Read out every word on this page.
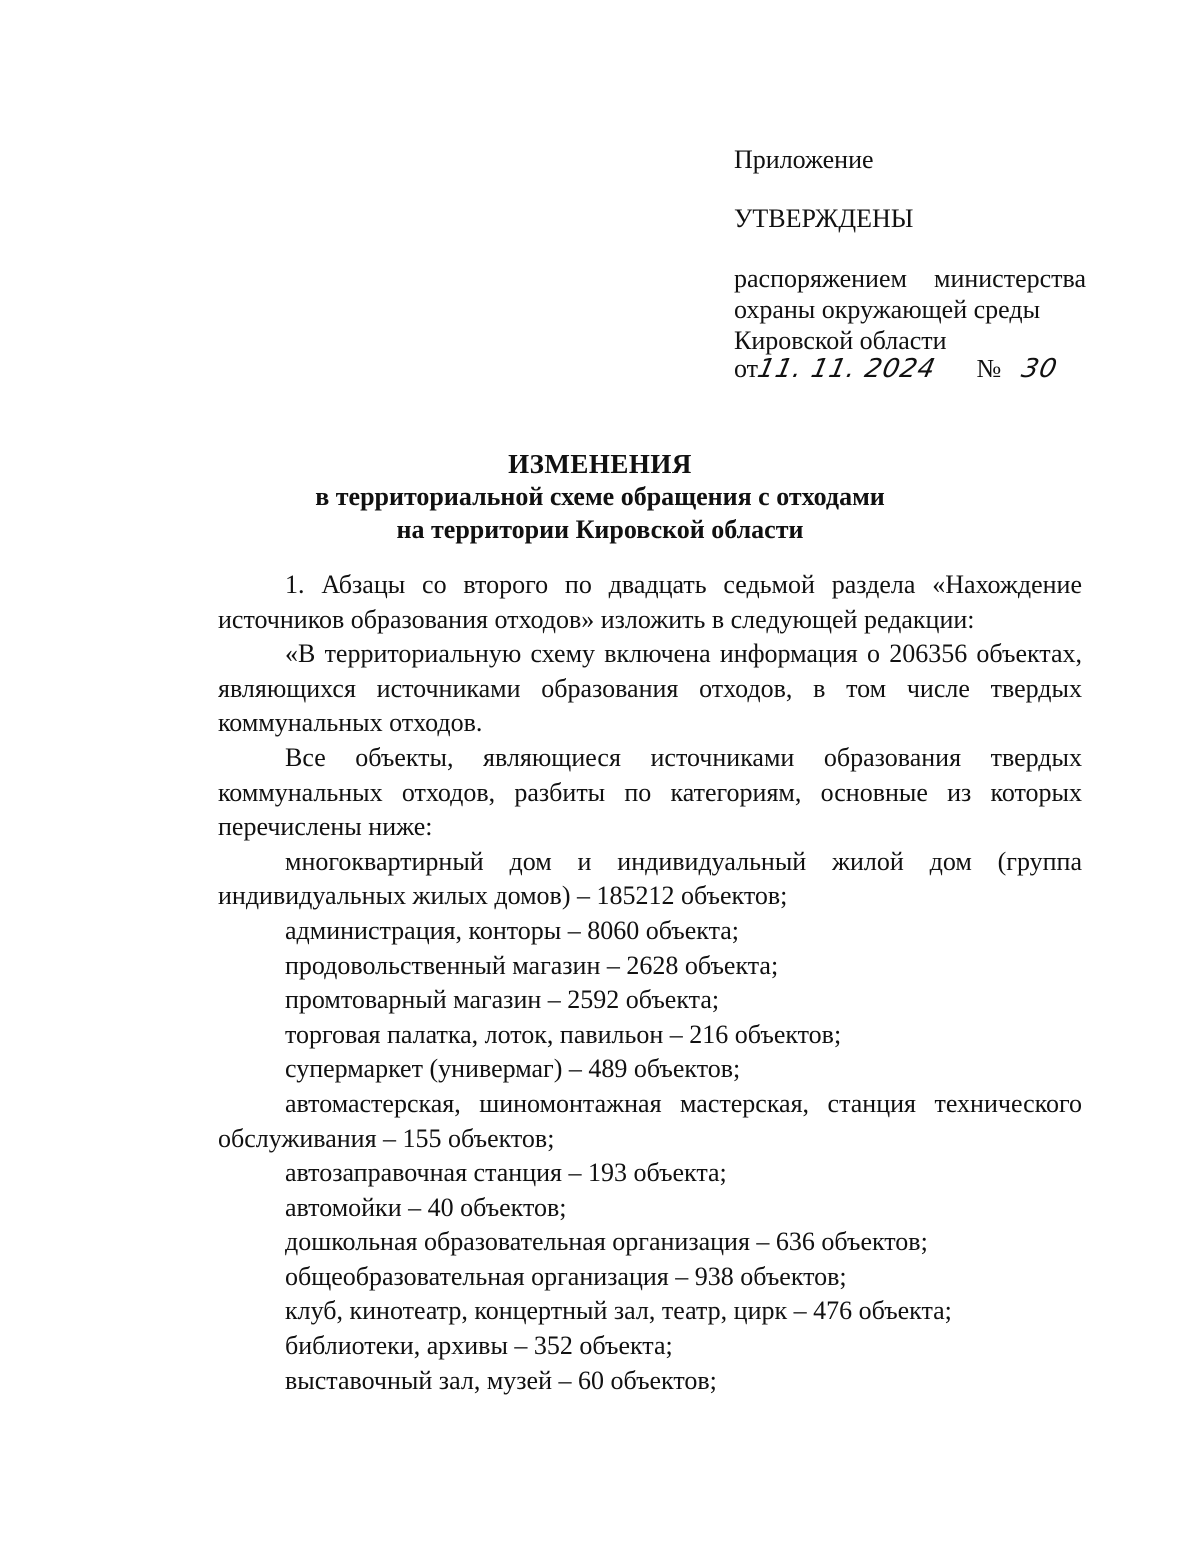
Приложение
УТВЕРЖДЕНЫ
распоряжением министерства
охраны окружающей среды
Кировской области
от11. 11. 2024 № 30
ИЗМЕНЕНИЯ
в территориальной схеме обращения с отходами
на территории Кировской области

1. Абзацы со второго по двадцать седьмой раздела «Нахождение

источников образования отходов» изложить в следующей редакции:

«В территориальную схему включена информация о 206356 объектах, являющихся источниками образования отходов, в том числе твердых коммунальных отходов.

Все объекты, являющиеся источниками образования твердых коммунальных отходов, разбиты по категориям, основные из которых перечислены ниже:

многоквартирный дом и индивидуальный жилой дом (группа

индивидуальных жилых домов) – 185212 объектов;

администрация, конторы – 8060 объекта;

продовольственный магазин – 2628 объекта;

промтоварный магазин – 2592 объекта;

торговая палатка, лоток, павильон – 216 объектов;

супермаркет (универмаг) – 489 объектов;

автомастерская, шиномонтажная мастерская, станция технического

обслуживания – 155 объектов;

автозаправочная станция – 193 объекта;

автомойки – 40 объектов;

дошкольная образовательная организация – 636 объектов;

общеобразовательная организация – 938 объектов;

клуб, кинотеатр, концертный зал, театр, цирк – 476 объекта;

библиотеки, архивы – 352 объекта;

выставочный зал, музей – 60 объектов;
